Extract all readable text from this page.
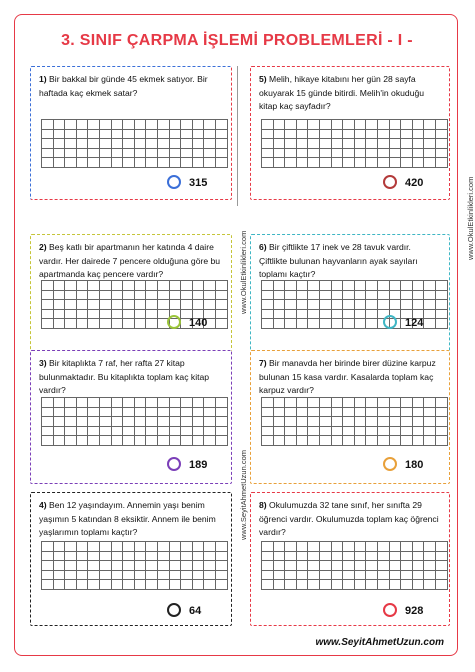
3. SINIF ÇARPMA İŞLEMİ PROBLEMLERİ - I -
www.OkulEtkinlikleri.com
www.OkulEtkinlikleri.com
www.SeyitAhmetUzun.com
1) Bir bakkal bir günde 45 ekmek satıyor. Bir haftada kaç ekmek satar?
315
2) Beş katlı bir apartmanın her katında 4 daire vardır. Her dairede 7 pencere olduğuna göre bu apartmanda kaç pencere vardır?
140
3) Bir kitaplıkta 7 raf, her rafta 27 kitap bulunmaktadır. Bu kitaplıkta toplam kaç kitap vardır?
189
4) Ben 12 yaşındayım. Annemin yaşı benim yaşımın 5 katından 8 eksiktir. Annem ile benim yaşlarımın toplamı kaçtır?
64
5) Melih, hikaye kitabını her gün 28 sayfa okuyarak 15 günde bitirdi. Melih'in okuduğu kitap kaç sayfadır?
420
6) Bir çiftlikte 17 inek ve 28 tavuk vardır. Çiftlikte bulunan hayvanların ayak sayıları toplamı kaçtır?
124
7) Bir manavda her birinde birer düzine karpuz bulunan 15 kasa vardır. Kasalarda toplam kaç karpuz vardır?
180
8) Okulumuzda 32 tane sınıf, her sınıfta 29 öğrenci vardır. Okulumuzda toplam kaç öğrenci vardır?
928
www.SeyitAhmetUzun.com
